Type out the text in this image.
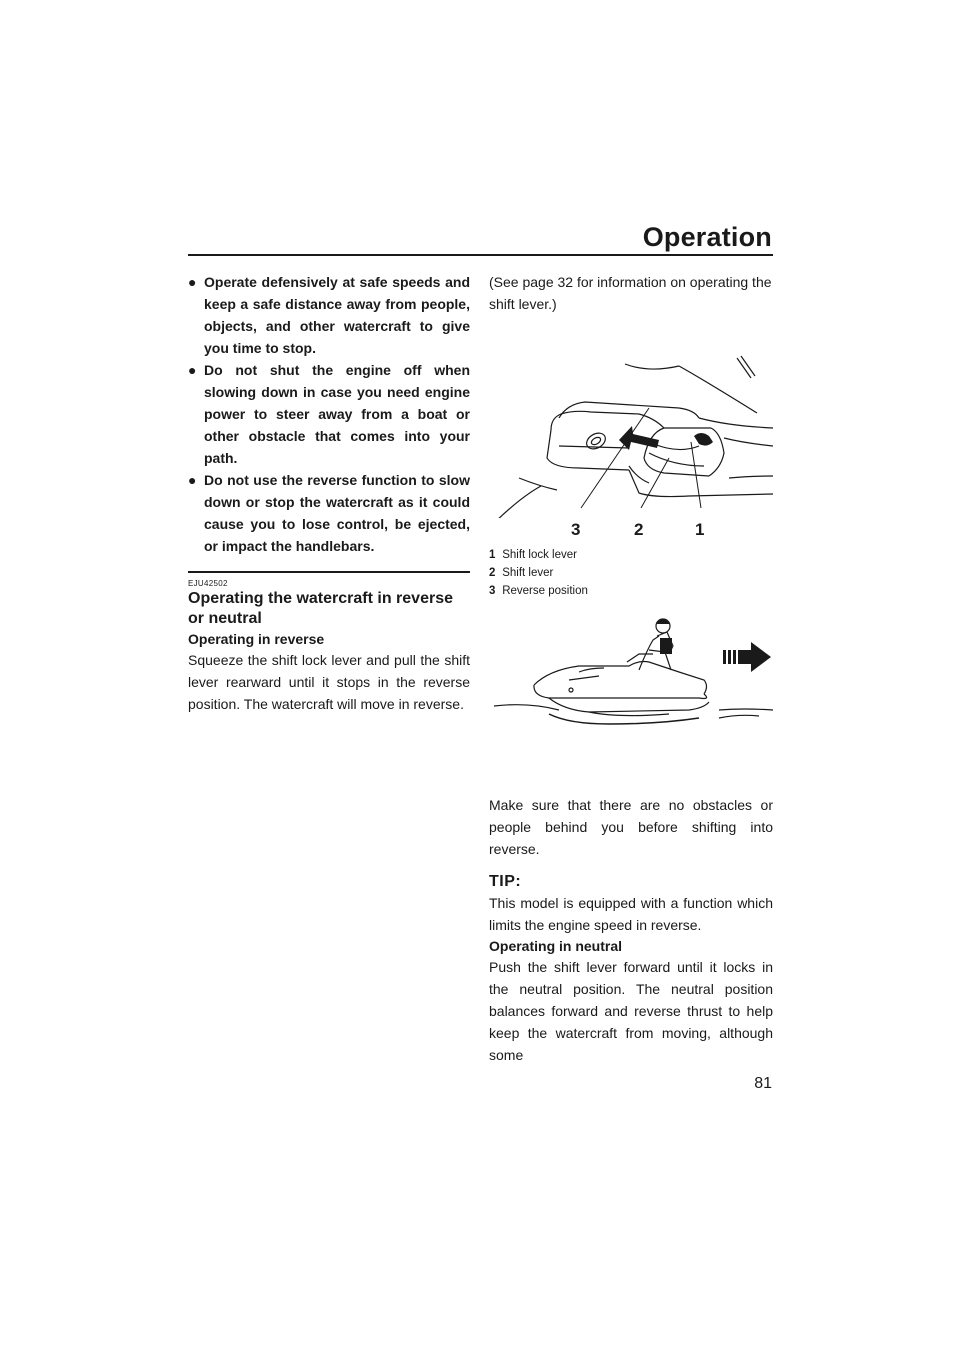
Operation
● Operate defensively at safe speeds and keep a safe distance away from people, objects, and other watercraft to give you time to stop.
● Do not shut the engine off when slowing down in case you need engine power to steer away from a boat or other obstacle that comes into your path.
● Do not use the reverse function to slow down or stop the watercraft as it could cause you to lose control, be ejected, or impact the handlebars.
EJU42502
Operating the watercraft in reverse or neutral
Operating in reverse

Squeeze the shift lock lever and pull the shift lever rearward until it stops in the reverse position. The watercraft will move in reverse.

(See page 32 for information on operating the shift lever.)

3	2	1
1 Shift lock lever
2 Shift lever
3 Reverse position

Make sure that there are no obstacles or people behind you before shifting into reverse.

TIP:

This model is equipped with a function which limits the engine speed in reverse.

Operating in neutral

Push the shift lever forward until it locks in the neutral position. The neutral position balances forward and reverse thrust to help keep the watercraft from moving, although some

81
